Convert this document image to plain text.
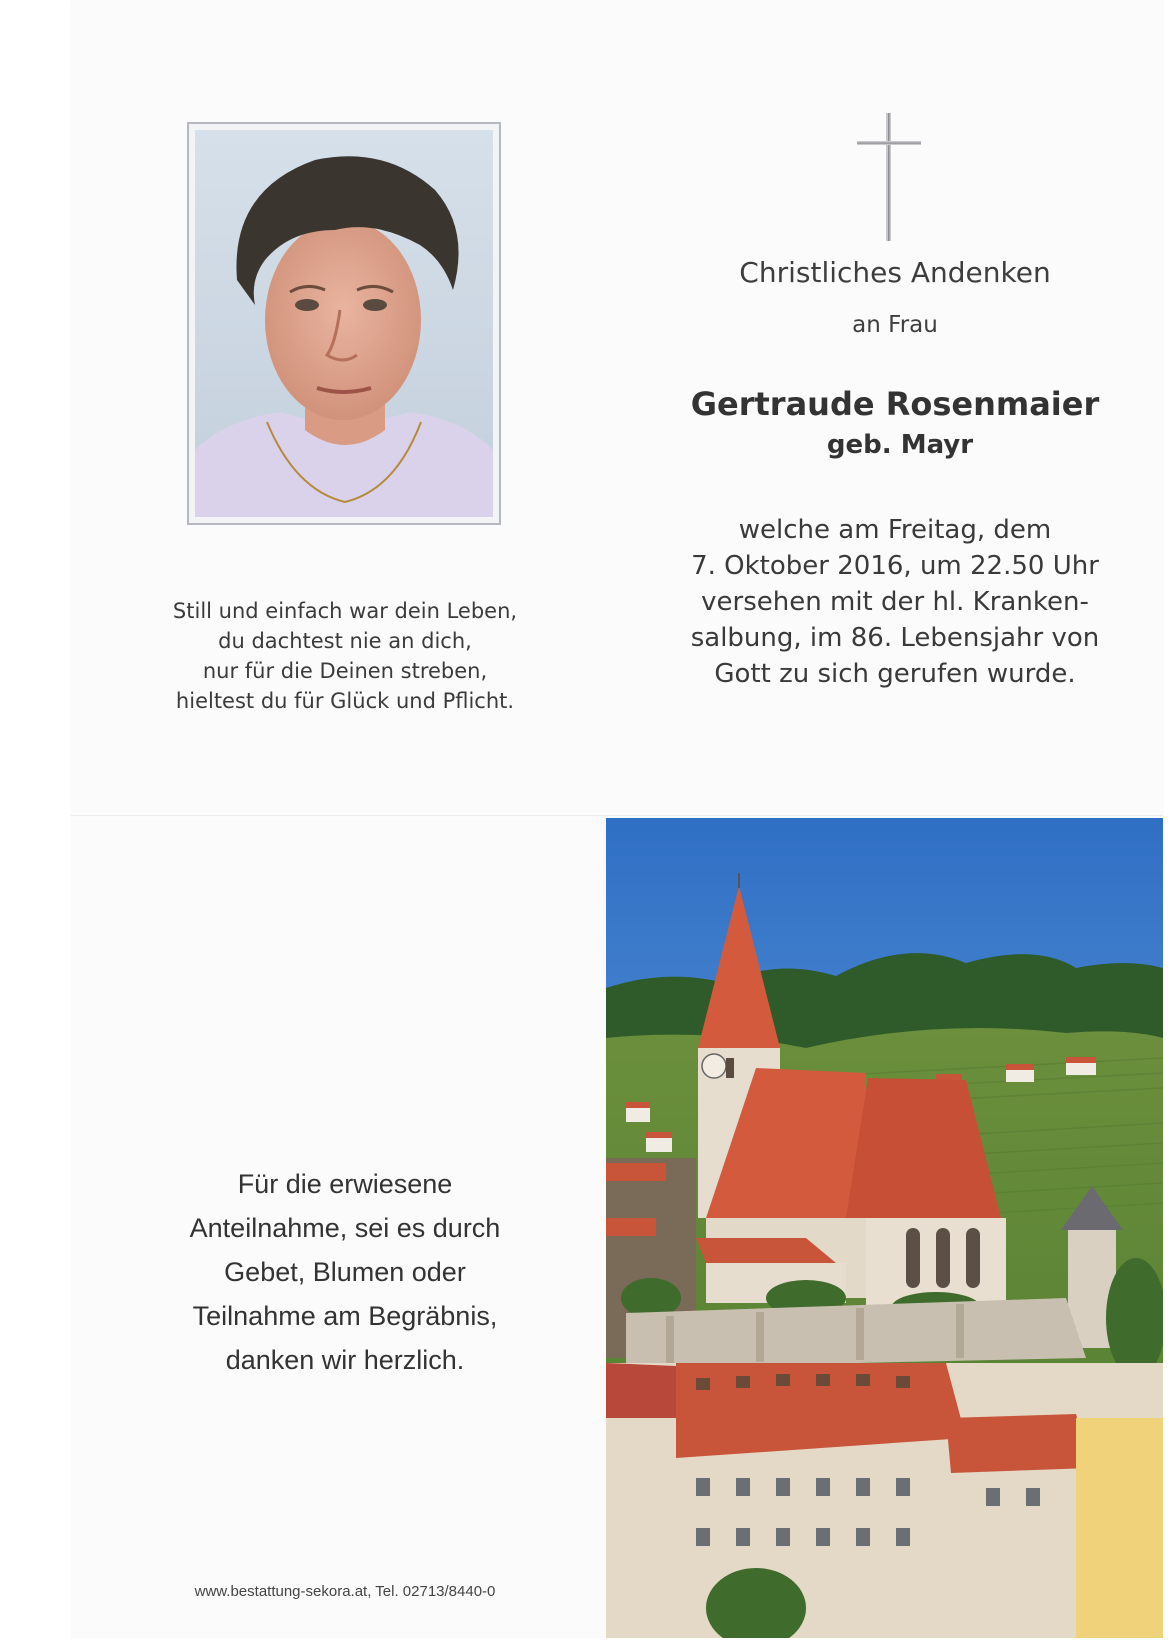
Still und einfach war dein Leben,
du dachtest nie an dich,
nur für die Deinen streben,
hieltest du für Glück und Pflicht.
Christliches Andenken
an Frau
Gertraude Rosenmaier
geb. Mayr
welche am Freitag, dem
7. Oktober 2016, um 22.50 Uhr
versehen mit der hl. Kranken-
salbung, im 86. Lebensjahr von
Gott zu sich gerufen wurde.
Für die erwiesene
Anteilnahme, sei es durch
Gebet, Blumen oder
Teilnahme am Begräbnis,
danken wir herzlich.
www.bestattung-sekora.at, Tel. 02713/8440-0
